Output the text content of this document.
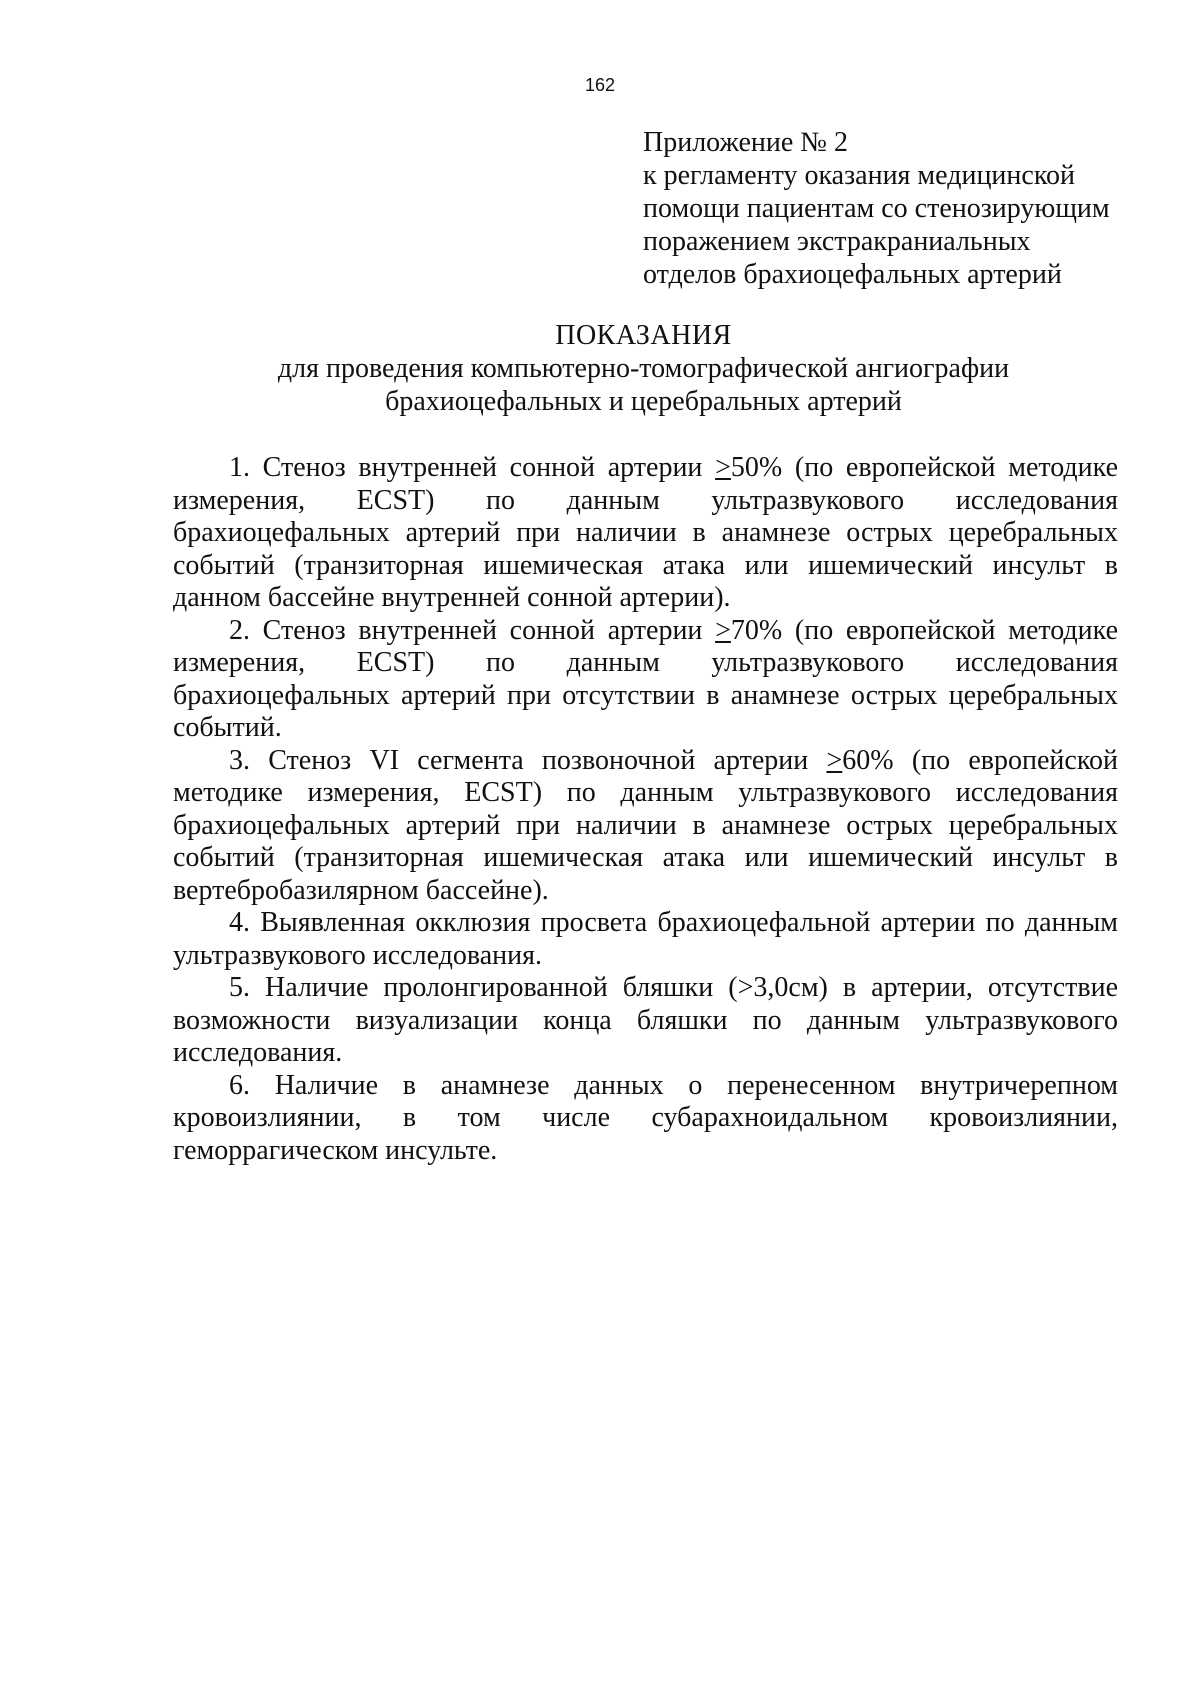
162
Приложение № 2
к регламенту оказания медицинской
помощи пациентам со стенозирующим
поражением экстракраниальных
отделов брахиоцефальных артерий
ПОКАЗАНИЯ
для проведения компьютерно-томографической ангиографии
брахиоцефальных и церебральных артерий

1. Стеноз внутренней сонной артерии >50% (по европейской методике измерения, ECST) по данным ультразвукового исследования брахиоцефальных артерий при наличии в анамнезе острых церебральных событий (транзиторная ишемическая атака или ишемический инсульт в данном бассейне внутренней сонной артерии).

2. Стеноз внутренней сонной артерии >70% (по европейской методике измерения, ECST) по данным ультразвукового исследования брахиоцефальных артерий при отсутствии в анамнезе острых церебральных событий.

3. Стеноз VI сегмента позвоночной артерии >60% (по европейской методике измерения, ECST) по данным ультразвукового исследования брахиоцефальных артерий при наличии в анамнезе острых церебральных событий (транзиторная ишемическая атака или ишемический инсульт в вертебробазилярном бассейне).

4. Выявленная окклюзия просвета брахиоцефальной артерии по данным ультразвукового исследования.

5. Наличие пролонгированной бляшки (>3,0см) в артерии, отсутствие возможности визуализации конца бляшки по данным ультразвукового исследования.

6. Наличие в анамнезе данных о перенесенном внутричерепном кровоизлиянии, в том числе субарахноидальном кровоизлиянии, геморрагическом инсульте.
